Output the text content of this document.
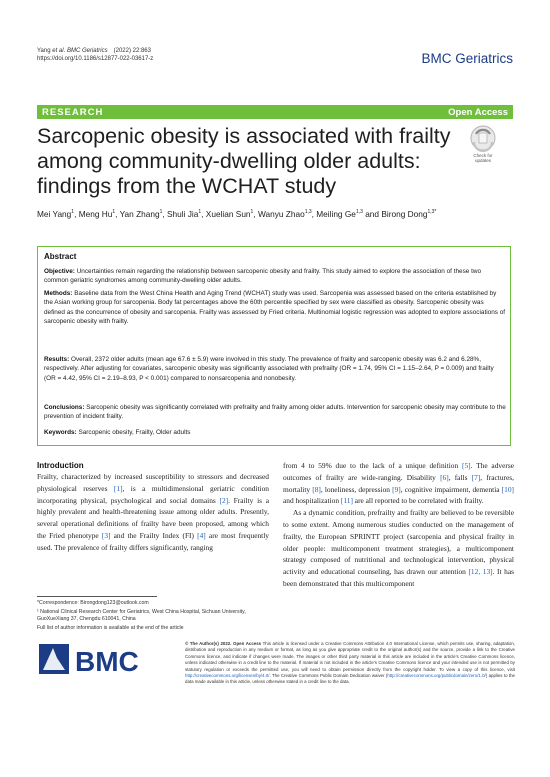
Yang et al. BMC Geriatrics (2022) 22:863
https://doi.org/10.1186/s12877-022-03617-z	BMC Geriatrics
RESEARCH	Open Access
Sarcopenic obesity is associated with frailty among community-dwelling older adults: findings from the WCHAT study
Check for
updates
Mei Yang$^1$, Meng Hu$^1$, Yan Zhang$^1$, Shuli Jia$^1$, Xuelian Sun$^1$, Wanyu Zhao$^{1,3}$, Meiling Ge$^{1,3}$ and Birong Dong$^{1,3*}$
Abstract
Objective: Uncertainties remain regarding the relationship between sarcopenic obesity and frailty. This study aimed to explore the association of these two common geriatric syndromes among community-dwelling older adults.
Methods: Baseline data from the West China Health and Aging Trend (WCHAT) study was used. Sarcopenia was assessed based on the criteria established by the Asian working group for sarcopenia. Body fat percentages above the 60th percentile specified by sex were classified as obesity. Sarcopenic obesity was defined as the concurrence of obesity and sarcopenia. Frailty was assessed by Fried criteria. Multinomial logistic regression was adopted to explore associations of sarcopenic obesity with frailty.
Results: Overall, 2372 older adults (mean age 67.6 ± 5.9) were involved in this study. The prevalence of frailty and sarcopenic obesity was 6.2 and 6.28%, respectively. After adjusting for covariates, sarcopenic obesity was significantly associated with prefrailty (OR = 1.74, 95% CI = 1.15–2.64, P = 0.009) and frailty (OR = 4.42, 95% CI = 2.19–8.93, P < 0.001) compared to nonsarcopenia and nonobesity.
Conclusions: Sarcopenic obesity was significantly correlated with prefrailty and frailty among older adults. Intervention for sarcopenic obesity may contribute to the prevention of incident frailty.
Keywords: Sarcopenic obesity, Frailty, Older adults
Introduction

Frailty, characterized by increased susceptibility to stressors and decreased physiological reserves [1], is a multidimensional geriatric condition incorporating physical, psychological and social domains [2]. Frailty is a highly prevalent and health-threatening issue among older adults. Presently, several operational definitions of frailty have been proposed, among which the Fried phenotype [3] and the Frailty Index (FI) [4] are most frequently used. The prevalence of frailty differs significantly, ranging

from 4 to 59% due to the lack of a unique definition [5]. The adverse outcomes of frailty are wide-ranging. Disability [6], falls [7], fractures, mortality [8], loneliness, depression [9], cognitive impairment, dementia [10] and hospitalization [11] are all reported to be correlated with frailty.

As a dynamic condition, prefrailty and frailty are believed to be reversible to some extent. Among numerous studies conducted on the management of frailty, the European SPRINTT project (sarcopenia and physical frailty in older people: multicomponent treatment strategies), a multicomponent strategy composed of nutritional and technological intervention, physical activity and educational counseling, has drawn our attention [12, 13]. It has been demonstrated that this multicomponent

*Correspondence: Birongdong123@outlook.com

¹ National Clinical Research Center for Geriatrics, West China Hospital, Sichuan University, GuoXueXiang 37, Chengdu 610041, China

Full list of author information is available at the end of the article

BMC
© The Author(s) 2022. Open Access This article is licensed under a Creative Commons Attribution 4.0 International License, which permits use, sharing, adaptation, distribution and reproduction in any medium or format, as long as you give appropriate credit to the original author(s) and the source, provide a link to the Creative Commons licence, and indicate if changes were made. The images or other third party material in this article are included in the article's Creative Commons licence, unless indicated otherwise in a credit line to the material. If material is not included in the article's Creative Commons licence and your intended use is not permitted by statutory regulation or exceeds the permitted use, you will need to obtain permission directly from the copyright holder. To view a copy of this licence, visit http://creativecommons.org/licenses/by/4.0/. The Creative Commons Public Domain Dedication waiver (http://creativecommons.org/publicdomain/zero/1.0/) applies to the data made available in this article, unless otherwise stated in a credit line to the data.
